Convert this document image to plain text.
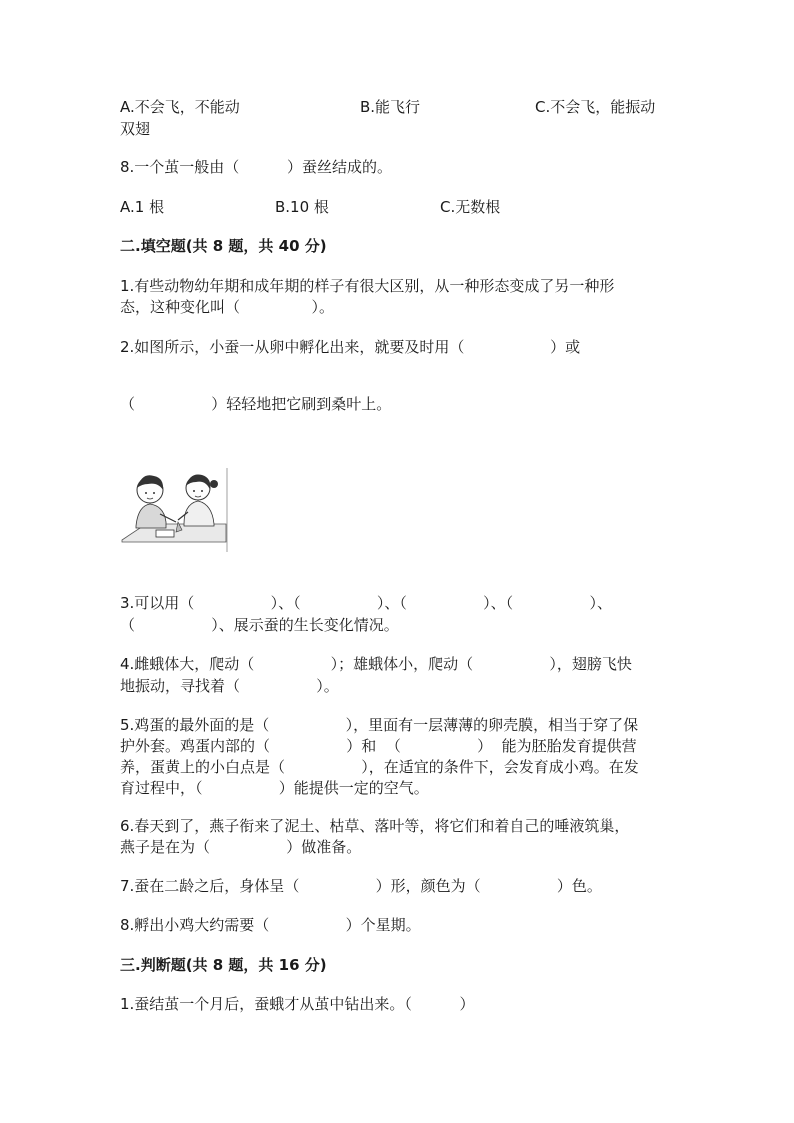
A.不会飞，不能动	B.能飞行	C.不会飞，能振动
双翅
8.一个茧一般由（          ）蚕丝结成的。
A.1 根	B.10 根	C.无数根
二.填空题(共 8 题，共 40 分)
1.有些动物幼年期和成年期的样子有很大区别，从一种形态变成了另一种形
态，这种变化叫（               ）。
2.如图所示，小蚕一从卵中孵化出来，就要及时用（                  ）或
（                ）轻轻地把它刷到桑叶上。
3.可以用（                ）、（                ）、（                ）、（                ）、
（                ）、展示蚕的生长变化情况。
4.雌蛾体大，爬动（                ）；雄蛾体小，爬动（                ），翅膀飞快
地振动，寻找着（                ）。
5.鸡蛋的最外面的是（                ），里面有一层薄薄的卵壳膜，相当于穿了保
护外套。鸡蛋内部的（                ）和  （                ）  能为胚胎发育提供营
养，蛋黄上的小白点是（                ），在适宜的条件下，会发育成小鸡。在发
育过程中，（                ）能提供一定的空气。
6.春天到了，燕子衔来了泥土、枯草、落叶等，将它们和着自己的唾液筑巢，
燕子是在为（                ）做准备。
7.蚕在二龄之后，身体呈（                ）形，颜色为（                ）色。
8.孵出小鸡大约需要（                ）个星期。
三.判断题(共 8 题，共 16 分)
1.蚕结茧一个月后，蚕蛾才从茧中钻出来。（          ）
